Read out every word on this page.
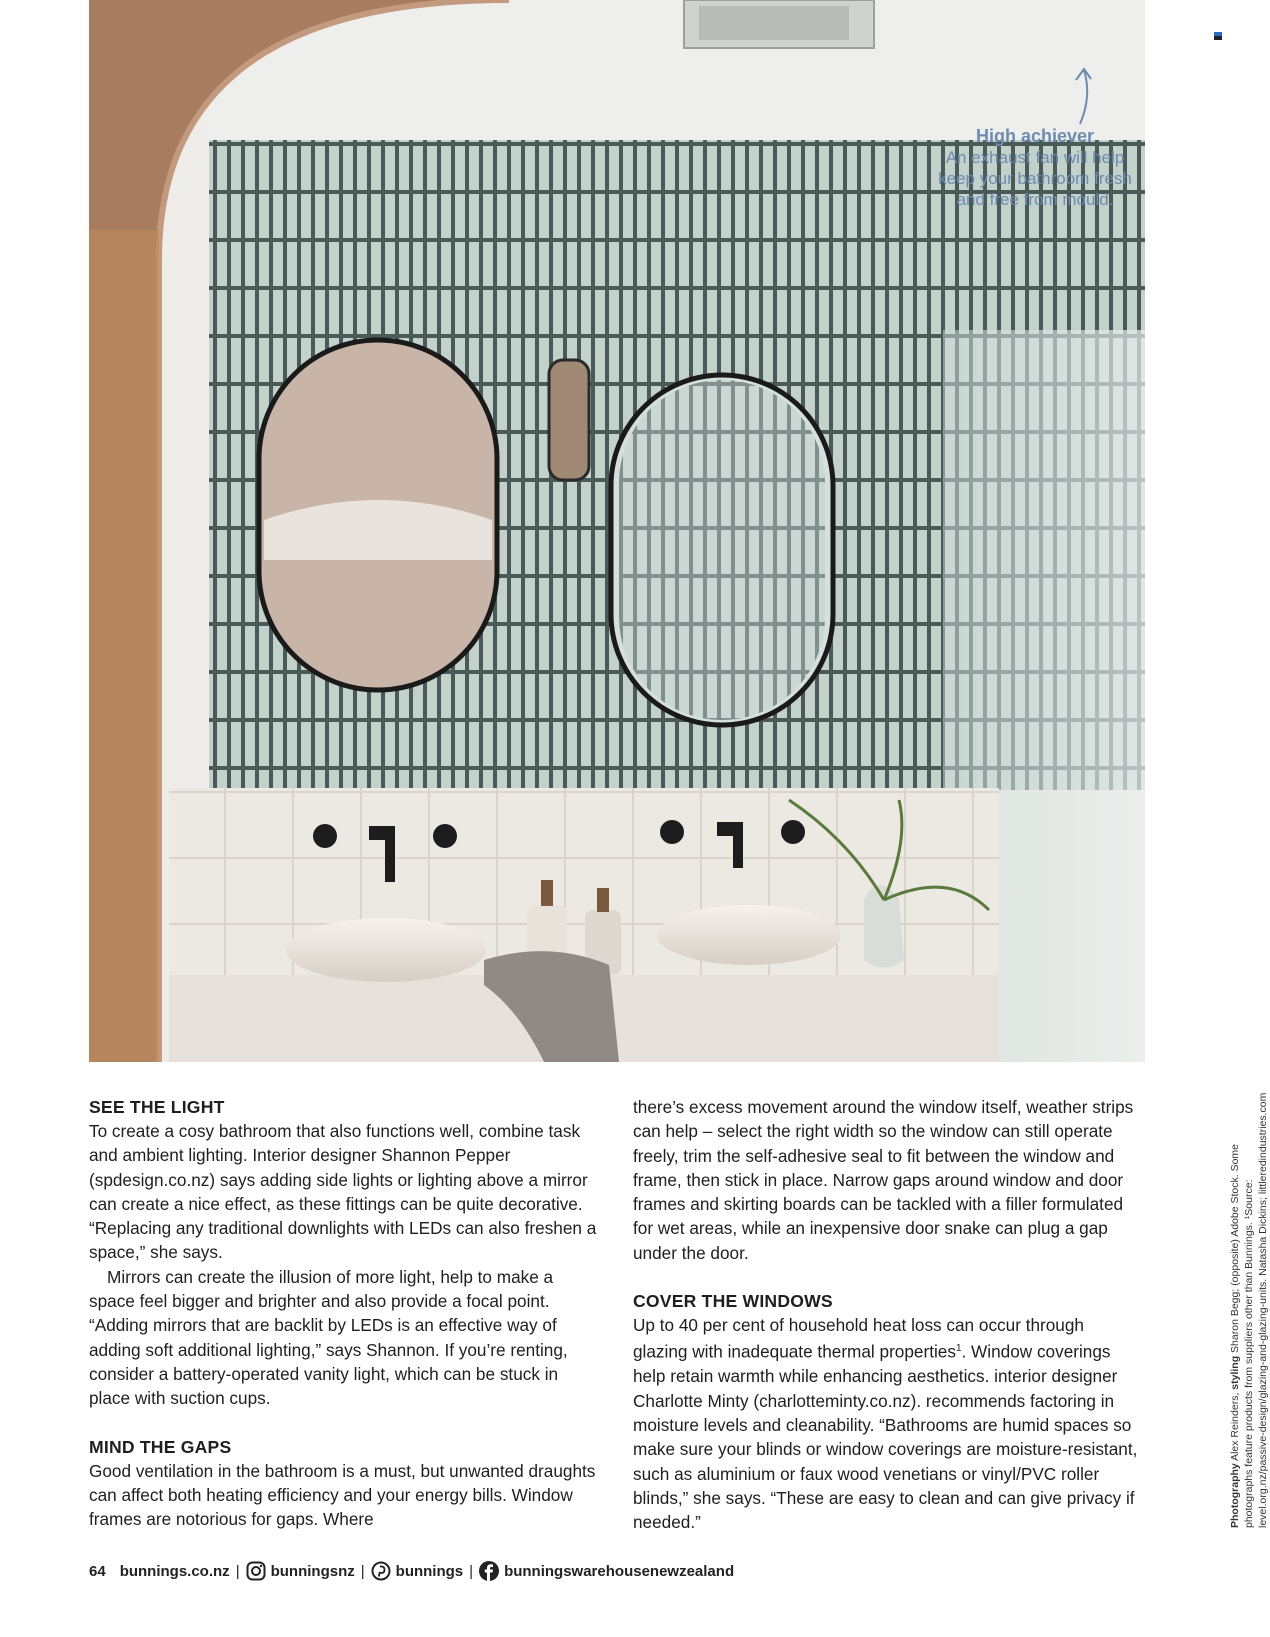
High achiever
An exhaust fan will help
keep your bathroom fresh
and free from mould.
SEE THE LIGHT

To create a cosy bathroom that also functions well, combine task and ambient lighting. Interior designer Shannon Pepper (spdesign.co.nz) says adding side lights or lighting above a mirror can create a nice effect, as these fittings can be quite decorative. “Replacing any traditional downlights with LEDs can also freshen a space,” she says.

Mirrors can create the illusion of more light, help to make a space feel bigger and brighter and also provide a focal point. “Adding mirrors that are backlit by LEDs is an effective way of adding soft additional lighting,” says Shannon. If you’re renting, consider a battery-operated vanity light, which can be stuck in place with suction cups.

MIND THE GAPS

Good ventilation in the bathroom is a must, but unwanted draughts can affect both heating efficiency and your energy bills. Window frames are notorious for gaps. Where

there’s excess movement around the window itself, weather strips can help – select the right width so the window can still operate freely, trim the self-adhesive seal to fit between the window and frame, then stick in place. Narrow gaps around window and door frames and skirting boards can be tackled with a filler formulated for wet areas, while an inexpensive door snake can plug a gap under the door.

COVER THE WINDOWS

Up to 40 per cent of household heat loss can occur through glazing with inadequate thermal properties$^1$. Window coverings help retain warmth while enhancing aesthetics. interior designer Charlotte Minty (charlotteminty.co.nz). recommends factoring in moisture levels and cleanability. “Bathrooms are humid spaces so make sure your blinds or window coverings are moisture-resistant, such as aluminium or faux wood venetians or vinyl/PVC roller blinds,” she says. “These are easy to clean and can give privacy if needed.”	Photography Alex Reinders, styling Sharon Begg; (opposite) Adobe Stock. Some photographs feature products from suppliers other than Bunnings. ¹Source: level.org.nz/passive-design/glazing-and-glazing-units. Natasha Dickins; littleredindustries.com
64 bunnings.co.nz | bunningsnz | bunnings | bunningswarehousenewzealand
